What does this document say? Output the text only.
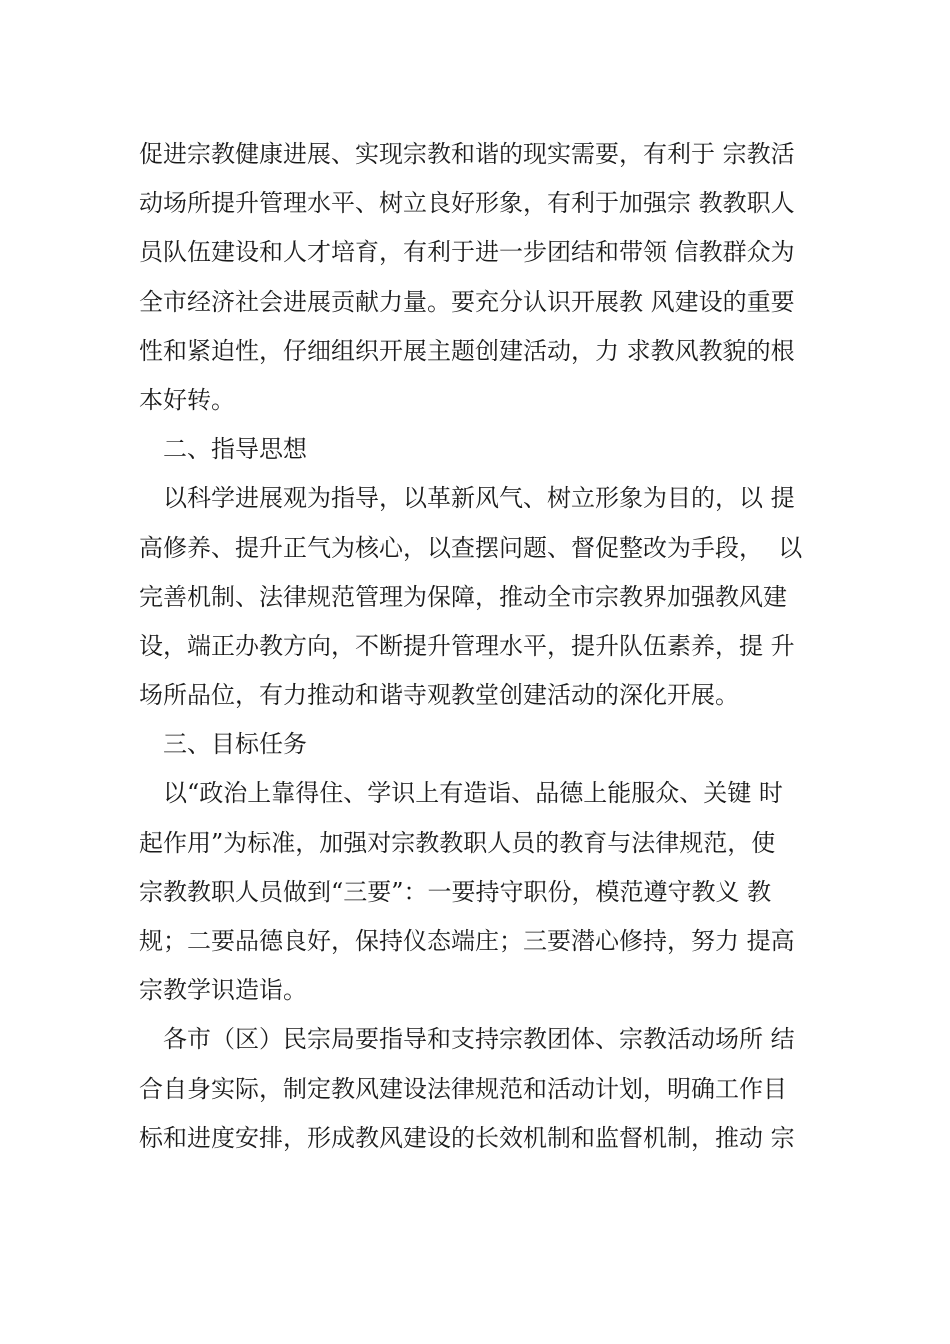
促进宗教健康进展、实现宗教和谐的现实需要，有利于 宗教活
动场所提升管理水平、树立良好形象，有利于加强宗 教教职人
员队伍建设和人才培育，有利于进一步团结和带领 信教群众为
全市经济社会进展贡献力量。要充分认识开展教 风建设的重要
性和紧迫性，仔细组织开展主题创建活动，力 求教风教貌的根
本好转。
二、指导思想
以科学进展观为指导，以革新风气、树立形象为目的，以 提
高修养、提升正气为核心，以查摆问题、督促整改为手段，  以
完善机制、法律规范管理为保障，推动全市宗教界加强教风建
设，端正办教方向，不断提升管理水平，提升队伍素养，提 升
场所品位，有力推动和谐寺观教堂创建活动的深化开展。
三、目标任务
以“政治上靠得住、学识上有造诣、品德上能服众、关键 时
起作用”为标准，加强对宗教教职人员的教育与法律规范，使
宗教教职人员做到“三要”：一要持守职份，模范遵守教义 教
规；二要品德良好，保持仪态端庄；三要潜心修持，努力 提高
宗教学识造诣。
各市（区）民宗局要指导和支持宗教团体、宗教活动场所 结
合自身实际，制定教风建设法律规范和活动计划，明确工作目
标和进度安排，形成教风建设的长效机制和监督机制，推动 宗
